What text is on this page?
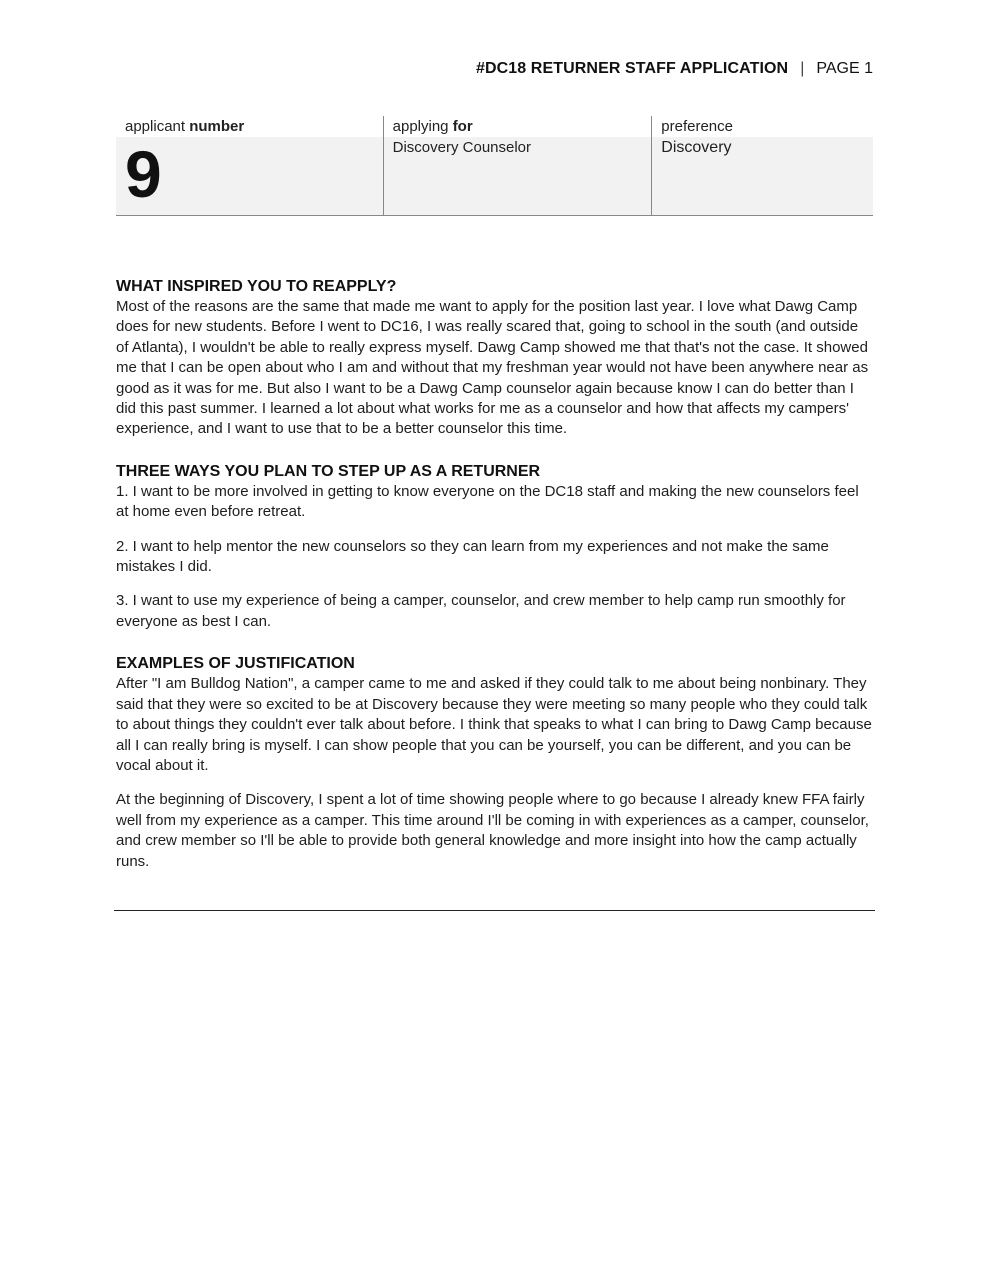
#DC18 RETURNER STAFF APPLICATION | PAGE 1
applicant number
9
applying for
Discovery Counselor
preference
Discovery
WHAT INSPIRED YOU TO REAPPLY?

Most of the reasons are the same that made me want to apply for the position last year. I love what Dawg Camp does for new students. Before I went to DC16, I was really scared that, going to school in the south (and outside of Atlanta), I wouldn't be able to really express myself. Dawg Camp showed me that that's not the case. It showed me that I can be open about who I am and without that my freshman year would not have been anywhere near as good as it was for me. But also I want to be a Dawg Camp counselor again because know I can do better than I did this past summer. I learned a lot about what works for me as a counselor and how that affects my campers' experience, and I want to use that to be a better counselor this time.

THREE WAYS YOU PLAN TO STEP UP AS A RETURNER

1. I want to be more involved in getting to know everyone on the DC18 staff and making the new counselors feel at home even before retreat.

2. I want to help mentor the new counselors so they can learn from my experiences and not make the same mistakes I did.

3. I want to use my experience of being a camper, counselor, and crew member to help camp run smoothly for everyone as best I can.

EXAMPLES OF JUSTIFICATION

After "I am Bulldog Nation", a camper came to me and asked if they could talk to me about being nonbinary. They said that they were so excited to be at Discovery because they were meeting so many people who they could talk to about things they couldn't ever talk about before. I think that speaks to what I can bring to Dawg Camp because all I can really bring is myself. I can show people that you can be yourself, you can be different, and you can be vocal about it.

At the beginning of Discovery, I spent a lot of time showing people where to go because I already knew FFA fairly well from my experience as a camper. This time around I'll be coming in with experiences as a camper, counselor, and crew member so I'll be able to provide both general knowledge and more insight into how the camp actually runs.
